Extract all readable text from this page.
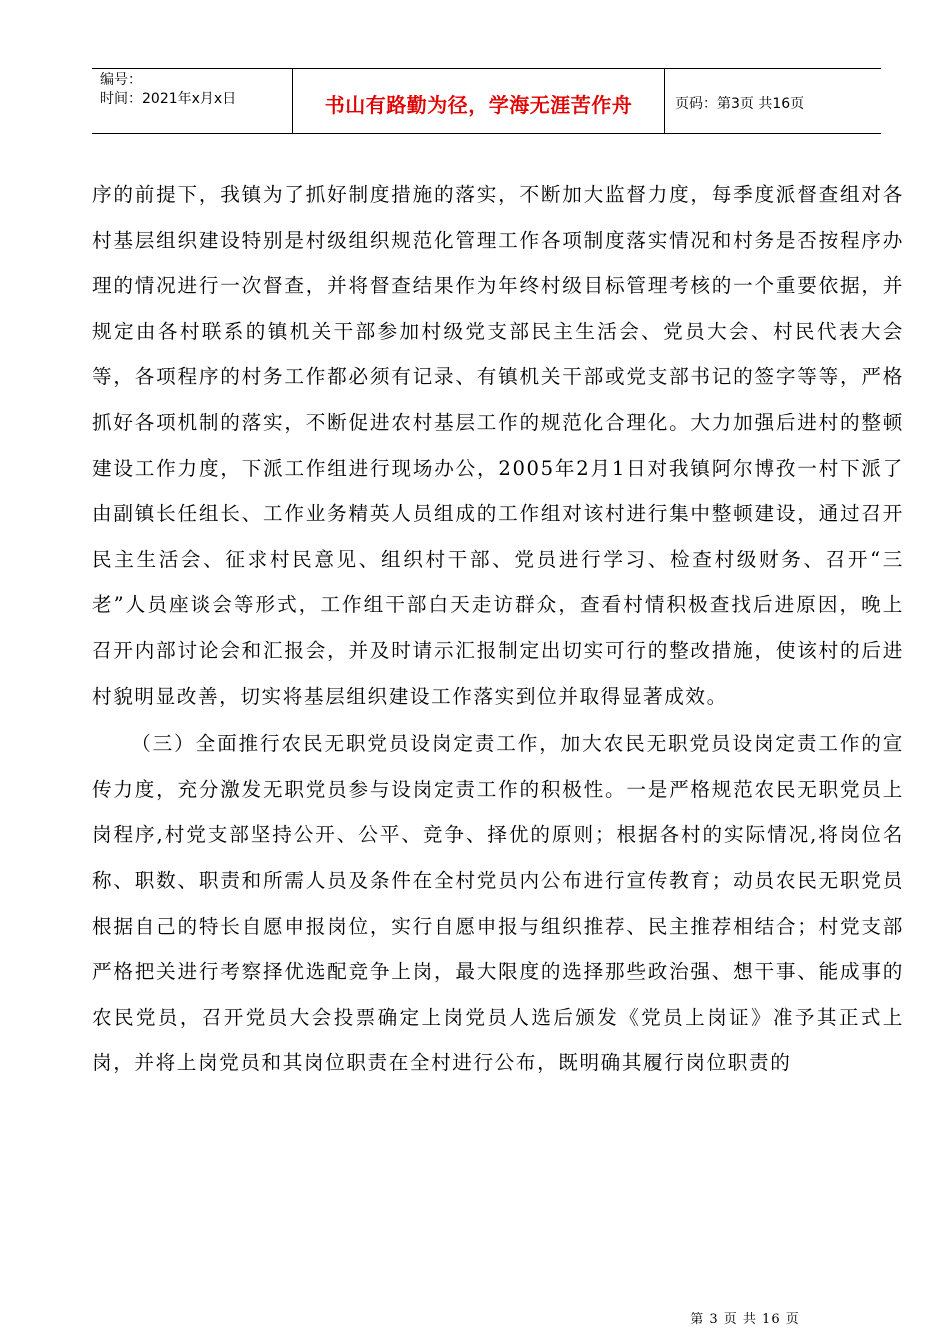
编号：
时间：2021年x月x日	书山有路勤为径，学海无涯苦作舟	页码：第3页 共16页

序的前提下，我镇为了抓好制度措施的落实，不断加大监督力度，每季度派督查组对各村基层组织建设特别是村级组织规范化管理工作各项制度落实情况和村务是否按程序办理的情况进行一次督查，并将督查结果作为年终村级目标管理考核的一个重要依据，并规定由各村联系的镇机关干部参加村级党支部民主生活会、党员大会、村民代表大会等，各项程序的村务工作都必须有记录、有镇机关干部或党支部书记的签字等等，严格抓好各项机制的落实，不断促进农村基层工作的规范化合理化。大力加强后进村的整顿建设工作力度，下派工作组进行现场办公，2005年2月1日对我镇阿尔博孜一村下派了由副镇长任组长、工作业务精英人员组成的工作组对该村进行集中整顿建设，通过召开民主生活会、征求村民意见、组织村干部、党员进行学习、检查村级财务、召开“三老”人员座谈会等形式，工作组干部白天走访群众，查看村情积极查找后进原因，晚上召开内部讨论会和汇报会，并及时请示汇报制定出切实可行的整改措施，使该村的后进村貌明显改善，切实将基层组织建设工作落实到位并取得显著成效。

（三）全面推行农民无职党员设岗定责工作，加大农民无职党员设岗定责工作的宣传力度，充分激发无职党员参与设岗定责工作的积极性。一是严格规范农民无职党员上岗程序,村党支部坚持公开、公平、竞争、择优的原则；根据各村的实际情况,将岗位名称、职数、职责和所需人员及条件在全村党员内公布进行宣传教育；动员农民无职党员根据自己的特长自愿申报岗位，实行自愿申报与组织推荐、民主推荐相结合；村党支部严格把关进行考察择优选配竞争上岗，最大限度的选择那些政治强、想干事、能成事的农民党员，召开党员大会投票确定上岗党员人选后颁发《党员上岗证》准予其正式上岗，并将上岗党员和其岗位职责在全村进行公布，既明确其履行岗位职责的

第 3 页 共 16 页
